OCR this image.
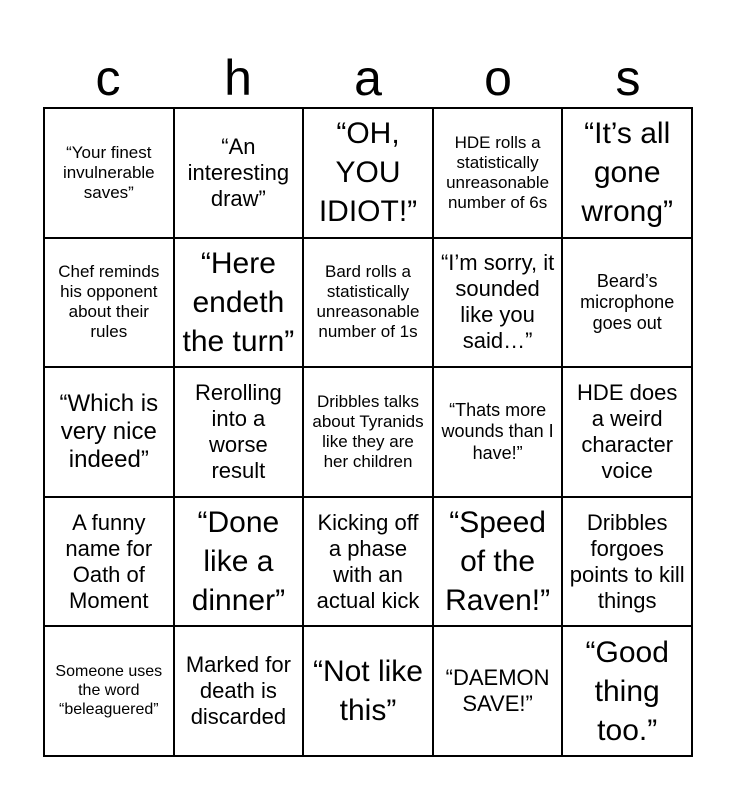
c	h	a	o	s
“Your finest invulnerable saves”
“An interesting draw”
“OH, YOU IDIOT!”
HDE rolls a statistically unreasonable number of 6s
“It’s all gone wrong”
Chef reminds his opponent about their rules
“Here endeth the turn”
Bard rolls a statistically unreasonable number of 1s
“I’m sorry, it sounded like you said…”
Beard’s microphone goes out
“Which is very nice indeed”
Rerolling into a worse result
Dribbles talks about Tyranids like they are her children
“Thats more wounds than I have!”
HDE does a weird character voice
A funny name for Oath of Moment
“Done like a dinner”
Kicking off a phase with an actual kick
“Speed of the Raven!”
Dribbles forgoes points to kill things
Someone uses the word “beleaguered”
Marked for death is discarded
“Not like this”
“DAEMON SAVE!”
“Good thing too.”
